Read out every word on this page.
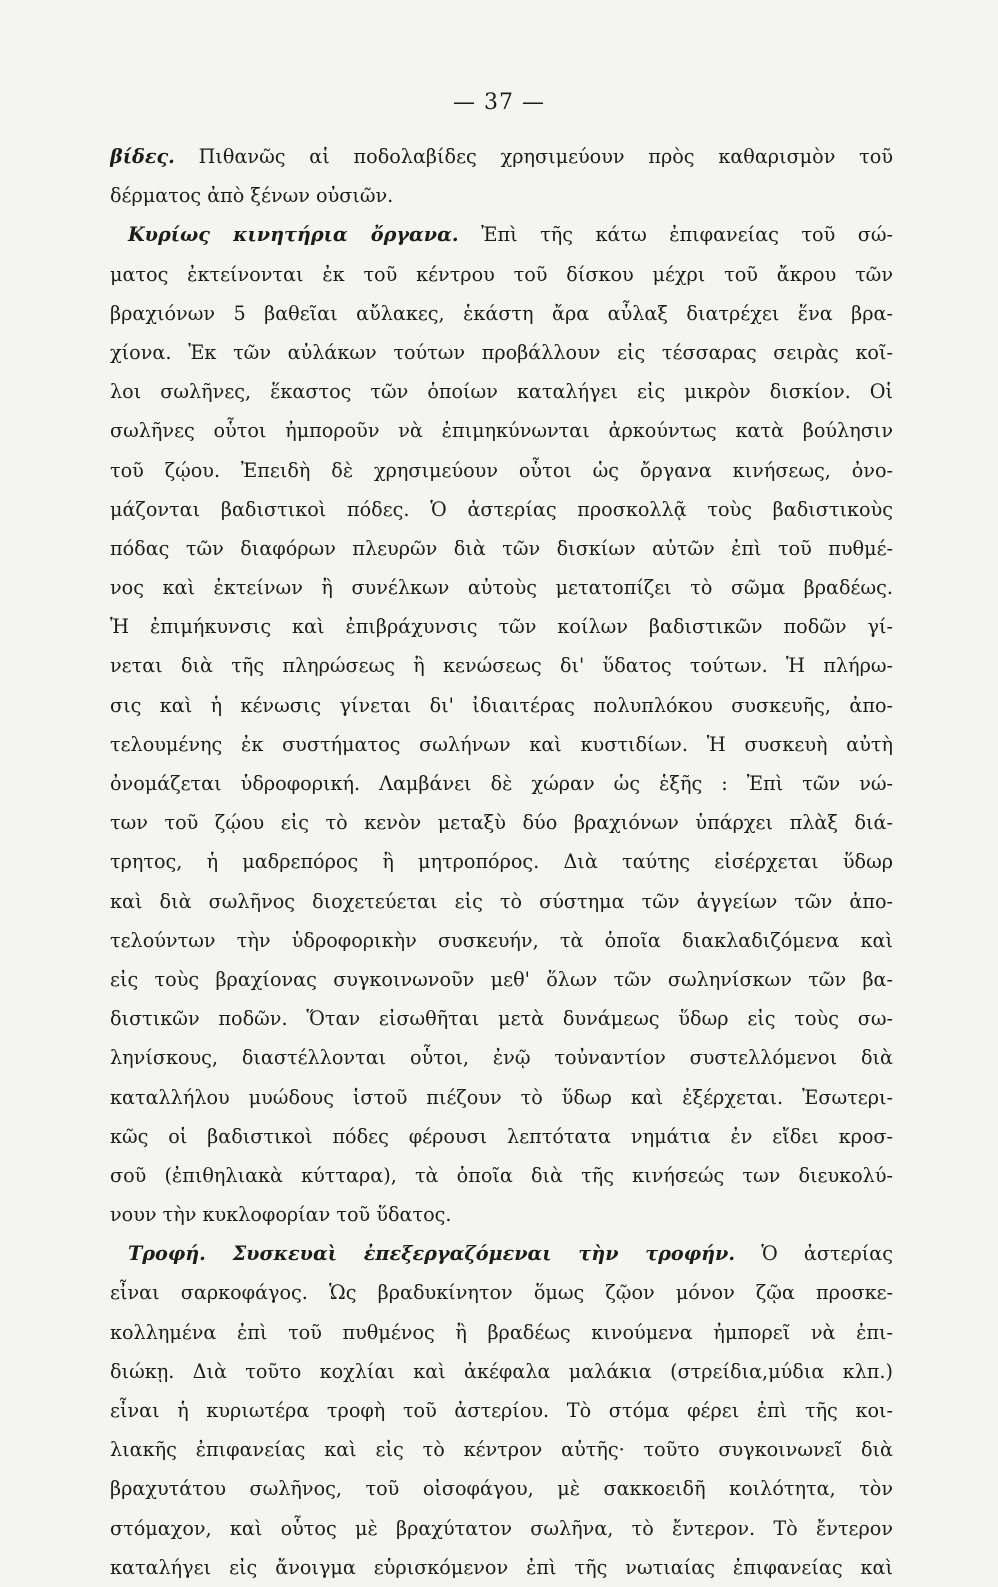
— 37 —
βίδες. Πιθανῶς αἱ ποδολαβίδες χρησιμεύουν πρὸς καθαρισμὸν τοῦ
δέρματος ἀπὸ ξένων οὐσιῶν.
Κυρίως κινητήρια ὄργανα. Ἐπὶ τῆς κάτω ἐπιφανείας τοῦ σώ-
ματος ἐκτείνονται ἐκ τοῦ κέντρου τοῦ δίσκου μέχρι τοῦ ἄκρου τῶν
βραχιόνων 5 βαθεῖαι αὔλακες, ἑκάστη ἄρα αὖλαξ διατρέχει ἕνα βρα-
χίονα. Ἐκ τῶν αὐλάκων τούτων προβάλλουν εἰς τέσσαρας σειρὰς κοῖ-
λοι σωλῆνες, ἕκαστος τῶν ὁποίων καταλήγει εἰς μικρὸν δισκίον. Οἱ
σωλῆνες οὗτοι ἠμποροῦν νὰ ἐπιμηκύνωνται ἀρκούντως κατὰ βούλησιν
τοῦ ζῴου. Ἐπειδὴ δὲ χρησιμεύουν οὗτοι ὡς ὄργανα κινήσεως, ὀνο-
μάζονται βαδιστικοὶ πόδες. Ὁ ἀστερίας προσκολλᾷ τοὺς βαδιστικοὺς
πόδας τῶν διαφόρων πλευρῶν διὰ τῶν δισκίων αὐτῶν ἐπὶ τοῦ πυθμέ-
νος καὶ ἐκτείνων ἢ συνέλκων αὐτοὺς μετατοπίζει τὸ σῶμα βραδέως.
Ἡ ἐπιμήκυνσις καὶ ἐπιβράχυνσις τῶν κοίλων βαδιστικῶν ποδῶν γί-
νεται διὰ τῆς πληρώσεως ἢ κενώσεως δι' ὕδατος τούτων. Ἡ πλήρω-
σις καὶ ἡ κένωσις γίνεται δι' ἰδιαιτέρας πολυπλόκου συσκευῆς, ἀπο-
τελουμένης ἐκ συστήματος σωλήνων καὶ κυστιδίων. Ἡ συσκευὴ αὐτὴ
ὀνομάζεται ὑδροφορική. Λαμβάνει δὲ χώραν ὡς ἑξῆς : Ἐπὶ τῶν νώ-
των τοῦ ζῴου εἰς τὸ κενὸν μεταξὺ δύο βραχιόνων ὑπάρχει πλὰξ διά-
τρητος, ἡ μαδρεπόρος ἢ μητροπόρος. Διὰ ταύτης εἰσέρχεται ὕδωρ
καὶ διὰ σωλῆνος διοχετεύεται εἰς τὸ σύστημα τῶν ἀγγείων τῶν ἀπο-
τελούντων τὴν ὑδροφορικὴν συσκευήν, τὰ ὁποῖα διακλαδιζόμενα καὶ
εἰς τοὺς βραχίονας συγκοινωνοῦν μεθ' ὅλων τῶν σωληνίσκων τῶν βα-
διστικῶν ποδῶν. Ὅταν εἰσωθῆται μετὰ δυνάμεως ὕδωρ εἰς τοὺς σω-
ληνίσκους, διαστέλλονται οὗτοι, ἐνῷ τοὐναντίον συστελλόμενοι διὰ
καταλλήλου μυώδους ἱστοῦ πιέζουν τὸ ὕδωρ καὶ ἐξέρχεται. Ἐσωτερι-
κῶς οἱ βαδιστικοὶ πόδες φέρουσι λεπτότατα νημάτια ἐν εἴδει κροσ-
σοῦ (ἐπιθηλιακὰ κύτταρα), τὰ ὁποῖα διὰ τῆς κινήσεώς των διευκολύ-
νουν τὴν κυκλοφορίαν τοῦ ὕδατος.
Τροφή. Συσκευαὶ ἐπεξεργαζόμεναι τὴν τροφήν. Ὁ ἀστερίας
εἶναι σαρκοφάγος. Ὡς βραδυκίνητον ὅμως ζῷον μόνον ζῷα προσκε-
κολλημένα ἐπὶ τοῦ πυθμένος ἢ βραδέως κινούμενα ἠμπορεῖ νὰ ἐπι-
διώκῃ. Διὰ τοῦτο κοχλίαι καὶ ἀκέφαλα μαλάκια (στρείδια,μύδια κλπ.)
εἶναι ἡ κυριωτέρα τροφὴ τοῦ ἀστερίου. Τὸ στόμα φέρει ἐπὶ τῆς κοι-
λιακῆς ἐπιφανείας καὶ εἰς τὸ κέντρον αὐτῆς· τοῦτο συγκοινωνεῖ διὰ
βραχυτάτου σωλῆνος, τοῦ οἰσοφάγου, μὲ σακκοειδῆ κοιλότητα, τὸν
στόμαχον, καὶ οὗτος μὲ βραχύτατον σωλῆνα, τὸ ἔντερον. Τὸ ἔντερον
καταλήγει εἰς ἄνοιγμα εὑρισκόμενον ἐπὶ τῆς νωτιαίας ἐπιφανείας καὶ
